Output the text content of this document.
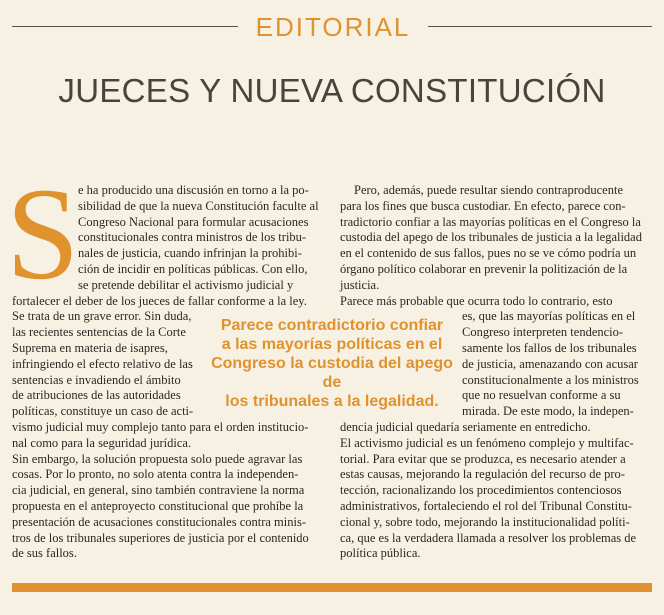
EDITORIAL
JUECES Y NUEVA CONSTITUCIÓN
S
e ha producido una discusión en torno a la po-
sibilidad de que la nueva Constitución faculte al
Congreso Nacional para formular acusaciones
constitucionales contra ministros de los tribu-
nales de justicia, cuando infrinjan la prohibi-
ción de incidir en políticas públicas. Con ello,
se pretende debilitar el activismo judicial y
fortalecer el deber de los jueces de fallar conforme a la ley.
Se trata de un grave error. Sin duda,
las recientes sentencias de la Corte
Suprema en materia de isapres,
infringiendo el efecto relativo de las
sentencias e invadiendo el ámbito
de atribuciones de las autoridades
políticas, constituye un caso de acti-
vismo judicial muy complejo tanto para el orden institucio-
nal como para la seguridad jurídica.
Sin embargo, la solución propuesta solo puede agravar las
cosas. Por lo pronto, no solo atenta contra la independen-
cia judicial, en general, sino también contraviene la norma
propuesta en el anteproyecto constitucional que prohíbe la
presentación de acusaciones constitucionales contra minis-
tros de los tribunales superiores de justicia por el contenido
de sus fallos.
Pero, además, puede resultar siendo contraproducente
para los fines que busca custodiar. En efecto, parece con-
tradictorio confiar a las mayorías políticas en el Congreso la
custodia del apego de los tribunales de justicia a la legalidad
en el contenido de sus fallos, pues no se ve cómo podría un
órgano político colaborar en prevenir la politización de la
justicia.
Parece más probable que ocurra todo lo contrario, esto
es, que las mayorías políticas en el
Congreso interpreten tendencio-
samente los fallos de los tribunales
de justicia, amenazando con acusar
constitucionalmente a los ministros
que no resuelvan conforme a su
mirada. De este modo, la indepen-
dencia judicial quedaría seriamente en entredicho.
El activismo judicial es un fenómeno complejo y multifac-
torial. Para evitar que se produzca, es necesario atender a
estas causas, mejorando la regulación del recurso de pro-
tección, racionalizando los procedimientos contenciosos
administrativos, fortaleciendo el rol del Tribunal Constitu-
cional y, sobre todo, mejorando la institucionalidad políti-
ca, que es la verdadera llamada a resolver los problemas de
política pública.
Parece contradictorio confiar
a las mayorías políticas en el
Congreso la custodia del apego de
los tribunales a la legalidad.
